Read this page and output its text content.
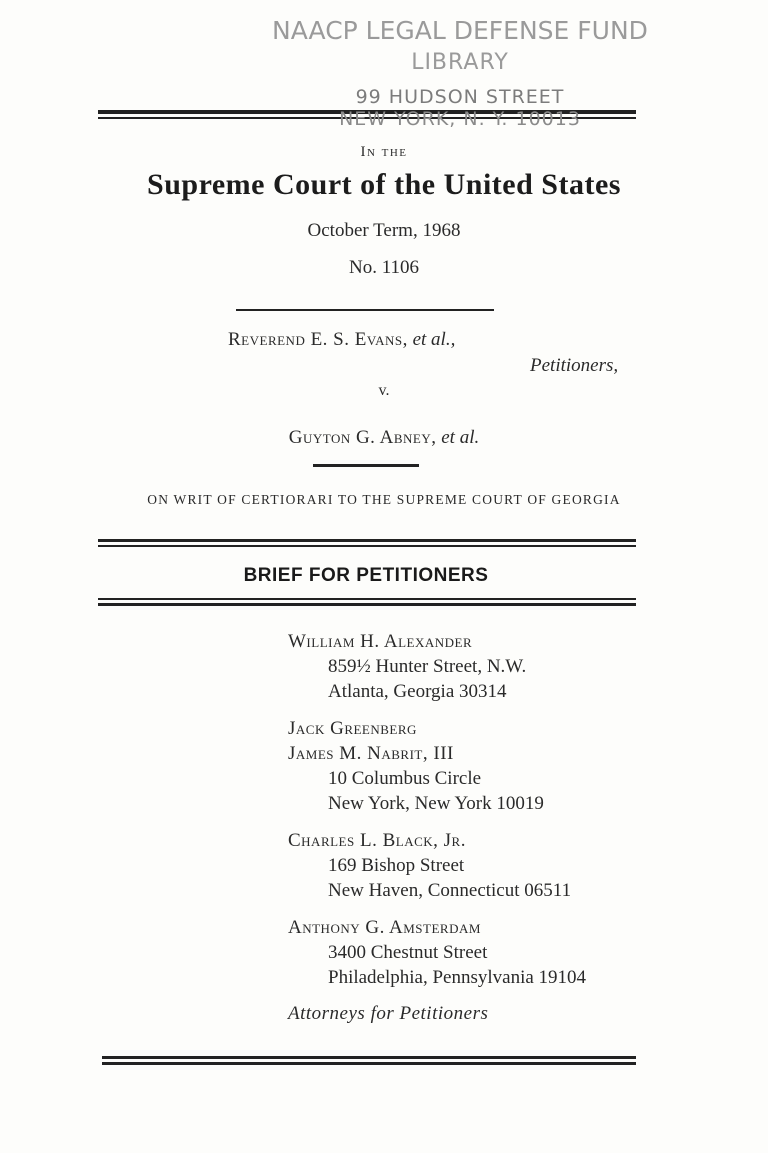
NAACP LEGAL DEFENSE FUND
LIBRARY
99 HUDSON STREET
NEW YORK, N. Y. 10013
In the
Supreme Court of the United States
October Term, 1968
No. 1106
Reverend E. S. Evans, et al.,
Petitioners,
v.
Guyton G. Abney, et al.
ON WRIT OF CERTIORARI TO THE SUPREME COURT OF GEORGIA
BRIEF FOR PETITIONERS
William H. Alexander
859½ Hunter Street, N.W.
Atlanta, Georgia 30314
Jack Greenberg
James M. Nabrit, III
10 Columbus Circle
New York, New York 10019
Charles L. Black, Jr.
169 Bishop Street
New Haven, Connecticut 06511
Anthony G. Amsterdam
3400 Chestnut Street
Philadelphia, Pennsylvania 19104
Attorneys for Petitioners
